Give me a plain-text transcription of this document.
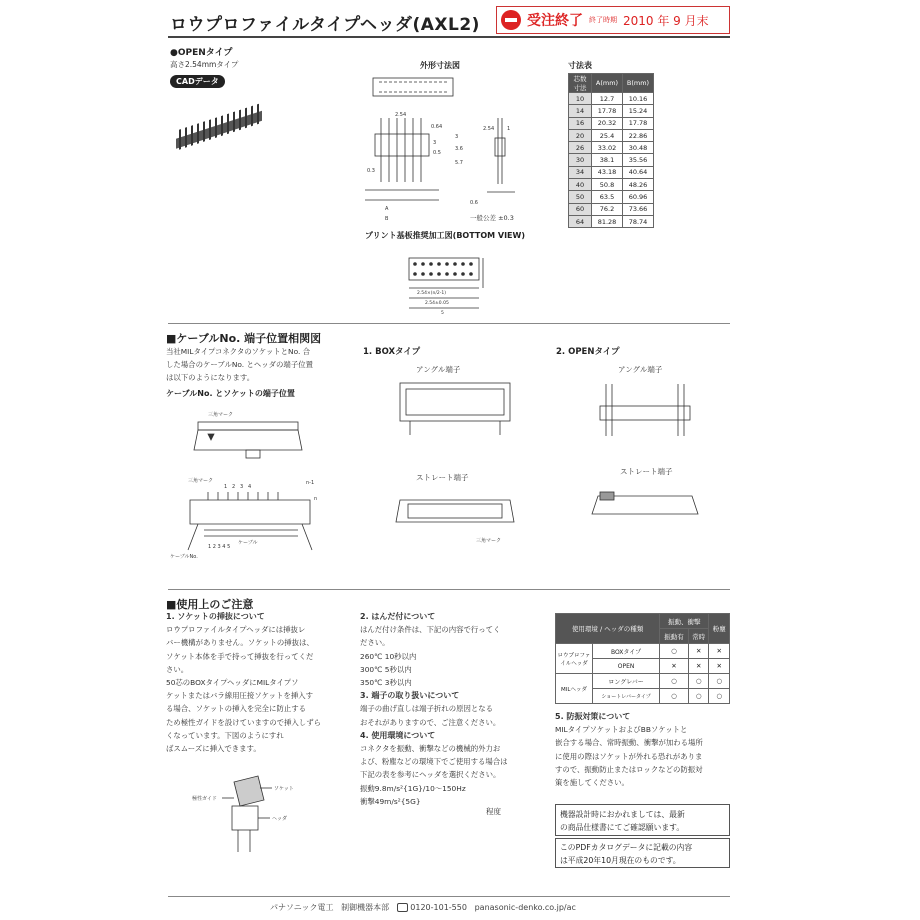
ロウプロファイルタイプヘッダ(AXL2)	受注終了 終了時期 2010 年 9 月末
●OPENタイプ
高さ2.54mmタイプ
CADデータ
外形寸法図
2.54
0.64
3
0.5
3
3.6
5.7
0.3
2.54	1
0.6
A
B	一般公差 ±0.3
プリント基板推奨加工図(BOTTOM VIEW)
2.54×(n/2-1)
2.54±0.05
5
寸法表
芯数
寸法	A(mm)	B(mm)
10	12.7	10.16
14	17.78	15.24
16	20.32	17.78
20	25.4	22.86
26	33.02	30.48
30	38.1	35.56
34	43.18	40.64
40	50.8	48.26
50	63.5	60.96
60	76.2	73.66
64	81.28	78.74
■ケーブルNo. 端子位置相関図
当社MILタイプコネクタのソケットとNo. 合
した場合のケーブルNo. とヘッダの端子位置
は以下のようになります。
ケーブルNo. とソケットの端子位置
三角マーク
三角マーク
1 2 3 4
n-1
n
ケーブル
1 2 3 4 5
ケーブルNo.
1. BOXタイプ
アングル端子
ストレート端子
三角マーク
2. OPENタイプ
アングル端子
ストレート端子
■使用上のご注意
1. ソケットの挿抜について
ロウプロファイルタイプヘッダには挿抜レ
バー機構がありません。ソケットの挿抜は、
ソケット本体を手で持って挿抜を行ってくだ
さい。
50芯のBOXタイプヘッダにMILタイプソ
ケットまたはバラ線用圧接ソケットを挿入す
る場合、ソケットの挿入を完全に防止する
ため極性ガイドを設けていますので挿入しずら
くなっています。下図のようにすれ
ばスムーズに挿入できます。
ソケット
極性ガイド
ヘッダ
2. はんだ付について
はんだ付け条件は、下記の内容で行ってく
ださい。
260℃ 10秒以内
300℃ 5秒以内
350℃ 3秒以内
3. 端子の取り扱いについて
端子の曲げ直しは端子折れの原因となる
おそれがありますので、ご注意ください。
4. 使用環境について
コネクタを振動、衝撃などの機械的外力お
よび、粉塵などの環境下でご使用する場合は
下記の表を参考にヘッダを選択ください。
振動9.8m/s²{1G}/10～150Hz
衝撃49m/s²{5G}
程度
使用環境 / ヘッダの種類		振動、衝撃		粉塵
		振動有	常時	
ロウプロファイルヘッダ	BOXタイプ	○	✕	✕
	OPEN	✕	✕	✕
MILヘッダ	ロングレバー	○	○	○
	ショートレバータイプ	○	○	○
5. 防振対策について
MILタイプソケットおよびBBソケットと
嵌合する場合、常時振動、衝撃が加わる場所
に使用の際はソケットが外れる恐れがありま
すので、振動防止またはロックなどの防振対
策を施してください。
機器設計時におかれましては、最新
の商品仕様書にてご確認願います。
このPDFカタログデータに記載の内容
は平成20年10月現在のものです。
パナソニック電工 制御機器本部	0120-101-550 panasonic-denko.co.jp/ac
